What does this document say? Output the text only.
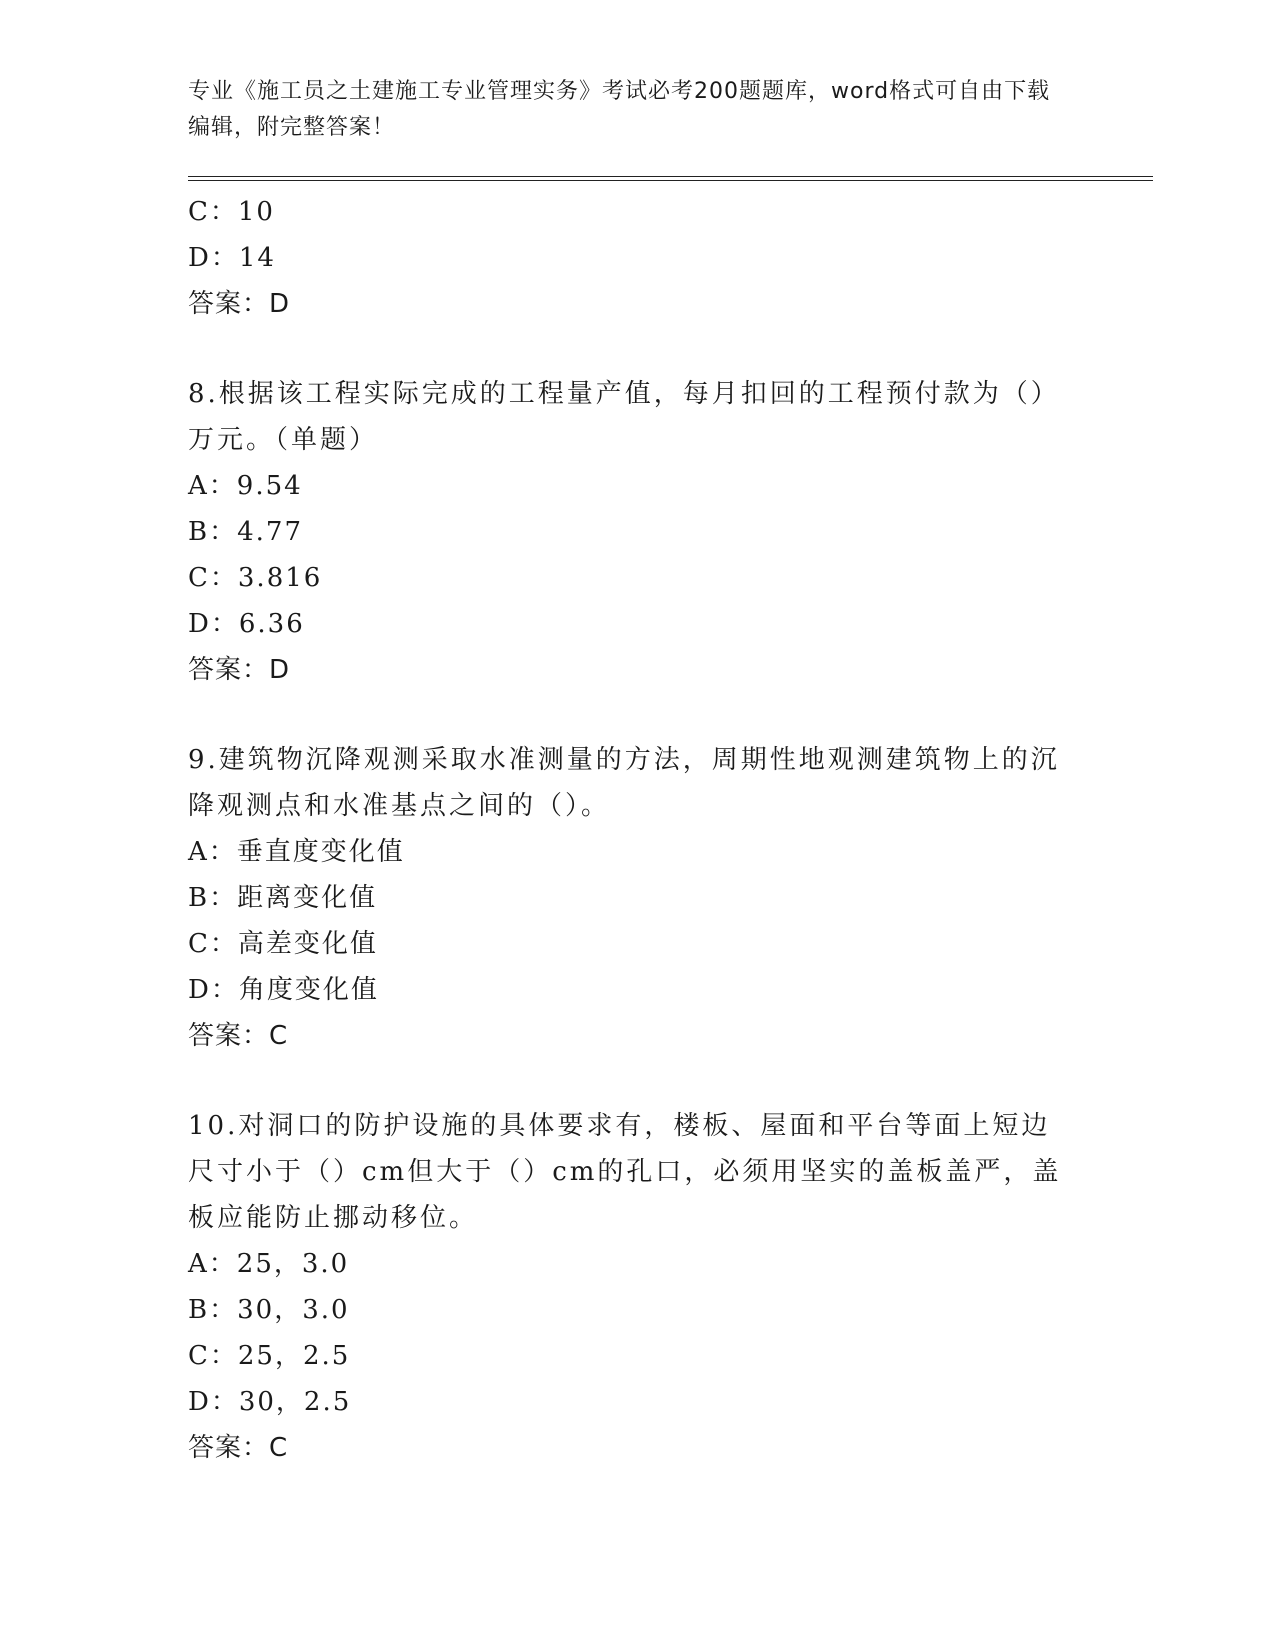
专业《施工员之土建施工专业管理实务》考试必考200题题库，word格式可自由下载编辑，附完整答案！
C：10
D：14
答案：D
8.根据该工程实际完成的工程量产值，每月扣回的工程预付款为（）万元。（单题）
A：9.54
B：4.77
C：3.816
D：6.36
答案：D
9.建筑物沉降观测采取水准测量的方法，周期性地观测建筑物上的沉降观测点和水准基点之间的（）。
A：垂直度变化值
B：距离变化值
C：高差变化值
D：角度变化值
答案：C
10.对洞口的防护设施的具体要求有，楼板、屋面和平台等面上短边尺寸小于（）cm但大于（）cm的孔口，必须用坚实的盖板盖严，盖板应能防止挪动移位。
A：25，3.0
B：30，3.0
C：25，2.5
D：30，2.5
答案：C
